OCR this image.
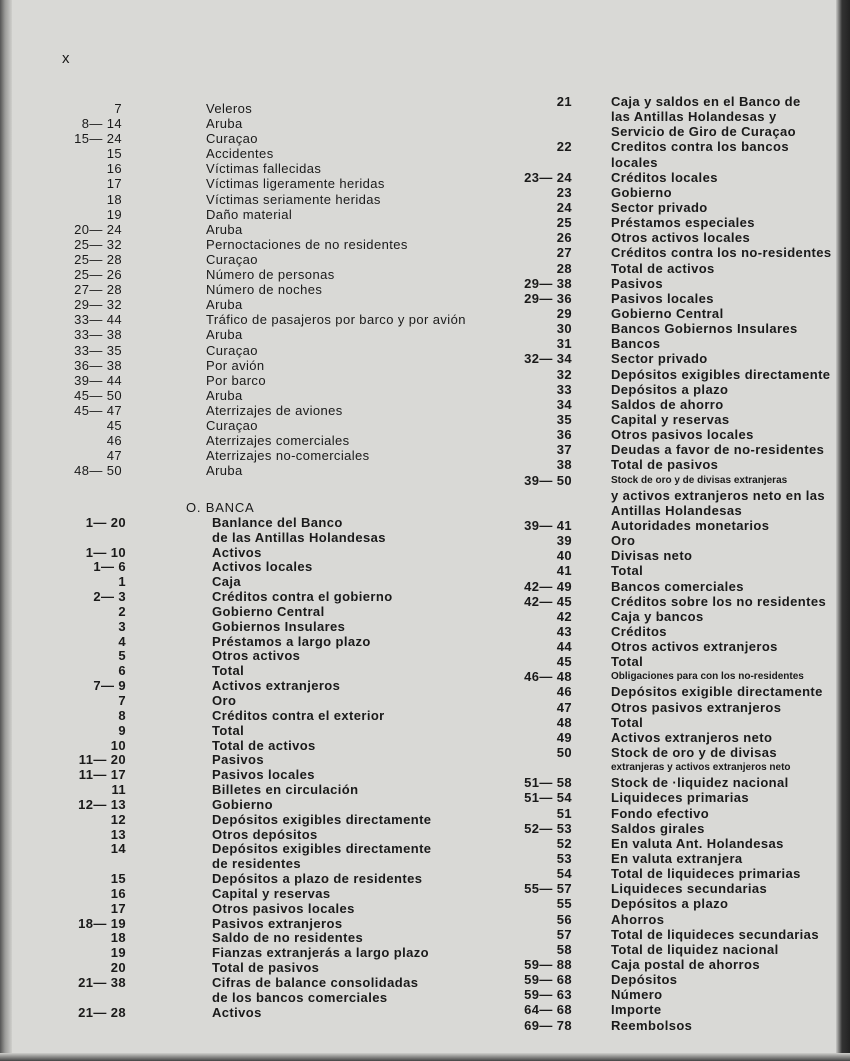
x
7	Veleros
8— 14	Aruba
15— 24	Curaçao
15	Accidentes
16	Víctimas fallecidas
17	Víctimas ligeramente heridas
18	Víctimas seriamente heridas
19	Daño material
20— 24	Aruba
25— 32	Pernoctaciones de no residentes
25— 28	Curaçao
25— 26	Número de personas
27— 28	Número de noches
29— 32	Aruba
33— 44	Tráfico de pasajeros por barco y por avión
33— 38	Aruba
33— 35	Curaçao
36— 38	Por avión
39— 44	Por barco
45— 50	Aruba
45— 47	Aterrizajes de aviones
45	Curaçao
46	Aterrizajes comerciales
47	Aterrizajes no-comerciales
48— 50	Aruba
O. BANCA
1— 20	Banlance del Banco
de las Antillas Holandesas
1— 10	Activos
1— 6	Activos locales
1	Caja
2— 3	Créditos contra el gobierno
2	Gobierno Central
3	Gobiernos Insulares
4	Préstamos a largo plazo
5	Otros activos
6	Total
7— 9	Activos extranjeros
7	Oro
8	Créditos contra el exterior
9	Total
10	Total de activos
11— 20	Pasivos
11— 17	Pasivos locales
11	Billetes en circulación
12— 13	Gobierno
12	Depósitos exigibles directamente
13	Otros depósitos
14	Depósitos exigibles directamente
de residentes
15	Depósitos a plazo de residentes
16	Capital y reservas
17	Otros pasivos locales
18— 19	Pasivos extranjeros
18	Saldo de no residentes
19	Fianzas extranjerás a largo plazo
20	Total de pasivos
21— 38	Cifras de balance consolidadas
de los bancos comerciales
21— 28	Activos
21	Caja y saldos en el Banco de
las Antillas Holandesas y
Servicio de Giro de Curaçao
22	Creditos contra los bancos
locales
23— 24	Créditos locales
23	Gobierno
24	Sector privado
25	Préstamos especiales
26	Otros activos locales
27	Créditos contra los no-residentes
28	Total de activos
29— 38	Pasivos
29— 36	Pasivos locales
29	Gobierno Central
30	Bancos Gobiernos Insulares
31	Bancos
32— 34	Sector privado
32	Depósitos exigibles directamente
33	Depósitos a plazo
34	Saldos de ahorro
35	Capital y reservas
36	Otros pasivos locales
37	Deudas a favor de no-residentes
38	Total de pasivos
39— 50	Stock de oro y de divisas extranjeras
y activos extranjeros neto en las
Antillas Holandesas
39— 41	Autoridades monetarios
39	Oro
40	Divisas neto
41	Total
42— 49	Bancos comerciales
42— 45	Créditos sobre los no residentes
42	Caja y bancos
43	Créditos
44	Otros activos extranjeros
45	Total
46— 48	Obligaciones para con los no-residentes
46	Depósitos exigible directamente
47	Otros pasivos extranjeros
48	Total
49	Activos extranjeros neto
50	Stock de oro y de divisas
extranjeras y activos extranjeros neto
51— 58	Stock de ·liquidez nacional
51— 54	Liquideces primarias
51	Fondo efectivo
52— 53	Saldos girales
52	En valuta Ant. Holandesas
53	En valuta extranjera
54	Total de liquideces primarias
55— 57	Liquideces secundarias
55	Depósitos a plazo
56	Ahorros
57	Total de liquideces secundarias
58	Total de liquidez nacional
59— 88	Caja postal de ahorros
59— 68	Depósitos
59— 63	Número
64— 68	Importe
69— 78	Reembolsos
